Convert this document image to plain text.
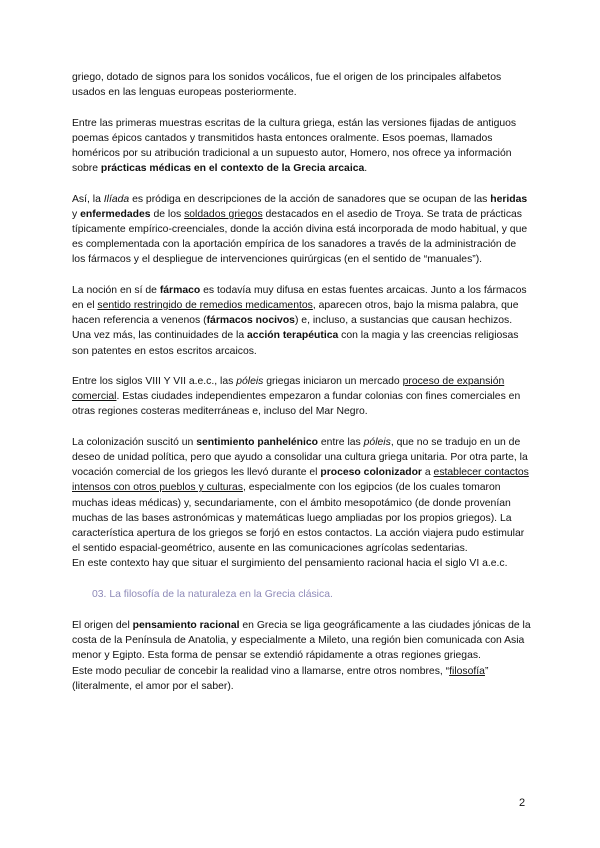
griego, dotado de signos para los sonidos vocálicos, fue el origen de los principales alfabetos usados en las lenguas europeas posteriormente.

Entre las primeras muestras escritas de la cultura griega, están las versiones fijadas de antiguos poemas épicos cantados y transmitidos hasta entonces oralmente. Esos poemas, llamados homéricos por su atribución tradicional a un supuesto autor, Homero, nos ofrece ya información sobre prácticas médicas en el contexto de la Grecia arcaica.

Así, la Ilíada es pródiga en descripciones de la acción de sanadores que se ocupan de las heridas y enfermedades de los soldados griegos destacados en el asedio de Troya. Se trata de prácticas típicamente empírico-creenciales, donde la acción divina está incorporada de modo habitual, y que es complementada con la aportación empírica de los sanadores a través de la administración de los fármacos y el despliegue de intervenciones quirúrgicas (en el sentido de “manuales”).

La noción en sí de fármaco es todavía muy difusa en estas fuentes arcaicas. Junto a los fármacos en el sentido restringido de remedios medicamentos, aparecen otros, bajo la misma palabra, que hacen referencia a venenos (fármacos nocivos) e, incluso, a sustancias que causan hechizos. Una vez más, las continuidades de la acción terapéutica con la magia y las creencias religiosas son patentes en estos escritos arcaicos.

Entre los siglos VIII Y VII a.e.c., las póleis griegas iniciaron un mercado proceso de expansión comercial. Estas ciudades independientes empezaron a fundar colonias con fines comerciales en otras regiones costeras mediterráneas e, incluso del Mar Negro.

La colonización suscitó un sentimiento panhelénico entre las póleis, que no se tradujo en un de deseo de unidad política, pero que ayudo a consolidar una cultura griega unitaria. Por otra parte, la vocación comercial de los griegos les llevó durante el proceso colonizador a establecer contactos intensos con otros pueblos y culturas, especialmente con los egipcios (de los cuales tomaron muchas ideas médicas) y, secundariamente, con el ámbito mesopotámico (de donde provenían muchas de las bases astronómicas y matemáticas luego ampliadas por los propios griegos). La característica apertura de los griegos se forjó en estos contactos. La acción viajera pudo estimular el sentido espacial-geométrico, ausente en las comunicaciones agrícolas sedentarias.

En este contexto hay que situar el surgimiento del pensamiento racional hacia el siglo VI a.e.c.

03. La filosofía de la naturaleza en la Grecia clásica.

El origen del pensamiento racional en Grecia se liga geográficamente a las ciudades jónicas de la costa de la Península de Anatolia, y especialmente a Mileto, una región bien comunicada con Asia menor y Egipto. Esta forma de pensar se extendió rápidamente a otras regiones griegas.

Este modo peculiar de concebir la realidad vino a llamarse, entre otros nombres, “filosofía” (literalmente, el amor por el saber).

2
